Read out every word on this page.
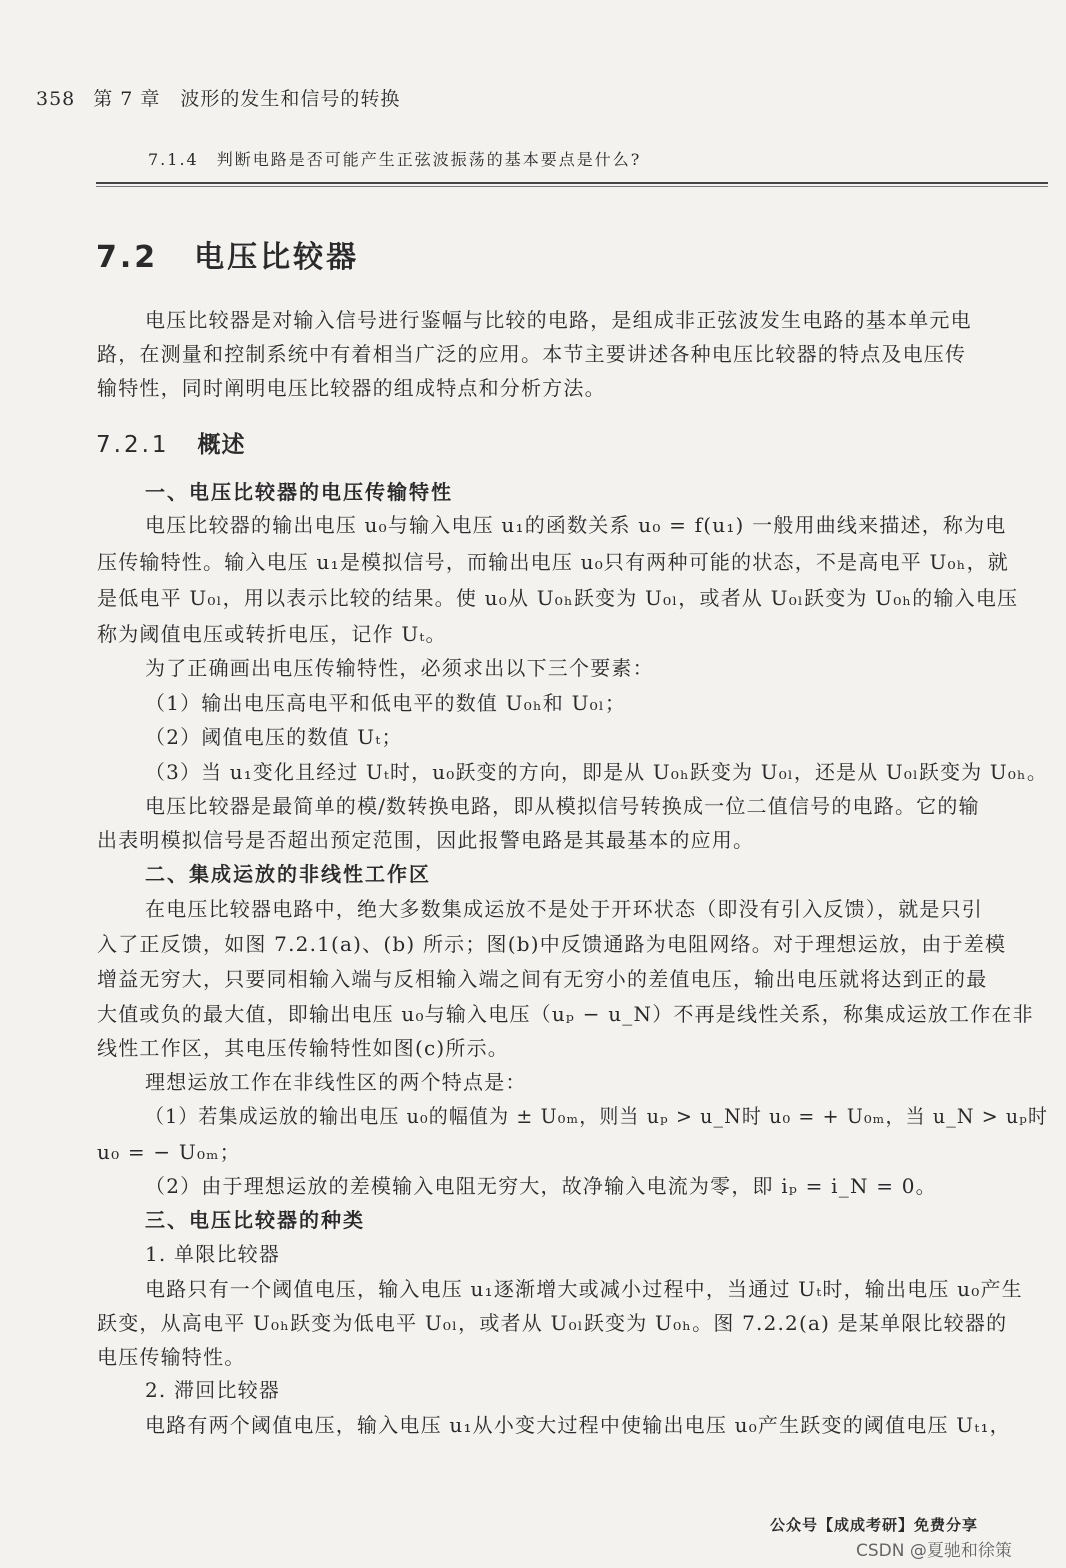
358 第 7 章　波形的发生和信号的转换
7.1.4　判断电路是否可能产生正弦波振荡的基本要点是什么?
7.2 电压比较器
电压比较器是对输入信号进行鉴幅与比较的电路，是组成非正弦波发生电路的基本单元电
路，在测量和控制系统中有着相当广泛的应用。本节主要讲述各种电压比较器的特点及电压传
输特性，同时阐明电压比较器的组成特点和分析方法。
7.2.1 概述
一、电压比较器的电压传输特性
电压比较器的输出电压 u₀与输入电压 u₁的函数关系 u₀ = f(u₁) 一般用曲线来描述，称为电
压传输特性。输入电压 u₁是模拟信号，而输出电压 u₀只有两种可能的状态，不是高电平 U₀ₕ，就
是低电平 U₀ₗ，用以表示比较的结果。使 u₀从 U₀ₕ跃变为 U₀ₗ，或者从 U₀ₗ跃变为 U₀ₕ的输入电压
称为阈值电压或转折电压，记作 Uₜ。
为了正确画出电压传输特性，必须求出以下三个要素：
（1）输出电压高电平和低电平的数值 U₀ₕ和 U₀ₗ；
（2）阈值电压的数值 Uₜ；
（3）当 u₁变化且经过 Uₜ时，u₀跃变的方向，即是从 U₀ₕ跃变为 U₀ₗ，还是从 U₀ₗ跃变为 U₀ₕ。
电压比较器是最简单的模/数转换电路，即从模拟信号转换成一位二值信号的电路。它的输
出表明模拟信号是否超出预定范围，因此报警电路是其最基本的应用。
二、集成运放的非线性工作区
在电压比较器电路中，绝大多数集成运放不是处于开环状态（即没有引入反馈），就是只引
入了正反馈，如图 7.2.1(a)、(b) 所示；图(b)中反馈通路为电阻网络。对于理想运放，由于差模
增益无穷大，只要同相输入端与反相输入端之间有无穷小的差值电压，输出电压就将达到正的最
大值或负的最大值，即输出电压 u₀与输入电压（uₚ − u_N）不再是线性关系，称集成运放工作在非
线性工作区，其电压传输特性如图(c)所示。
理想运放工作在非线性区的两个特点是：
（1）若集成运放的输出电压 u₀的幅值为 ± U₀ₘ，则当 uₚ > u_N时 u₀ = + U₀ₘ，当 u_N > uₚ时
u₀ = − U₀ₘ；
（2）由于理想运放的差模输入电阻无穷大，故净输入电流为零，即 iₚ = i_N = 0。
三、电压比较器的种类
1. 单限比较器
电路只有一个阈值电压，输入电压 u₁逐渐增大或减小过程中，当通过 Uₜ时，输出电压 u₀产生
跃变，从高电平 U₀ₕ跃变为低电平 U₀ₗ，或者从 U₀ₗ跃变为 U₀ₕ。图 7.2.2(a) 是某单限比较器的
电压传输特性。
2. 滞回比较器
电路有两个阈值电压，输入电压 u₁从小变大过程中使输出电压 u₀产生跃变的阈值电压 Uₜ₁，
公众号【成成考研】免费分享
CSDN @夏驰和徐策
